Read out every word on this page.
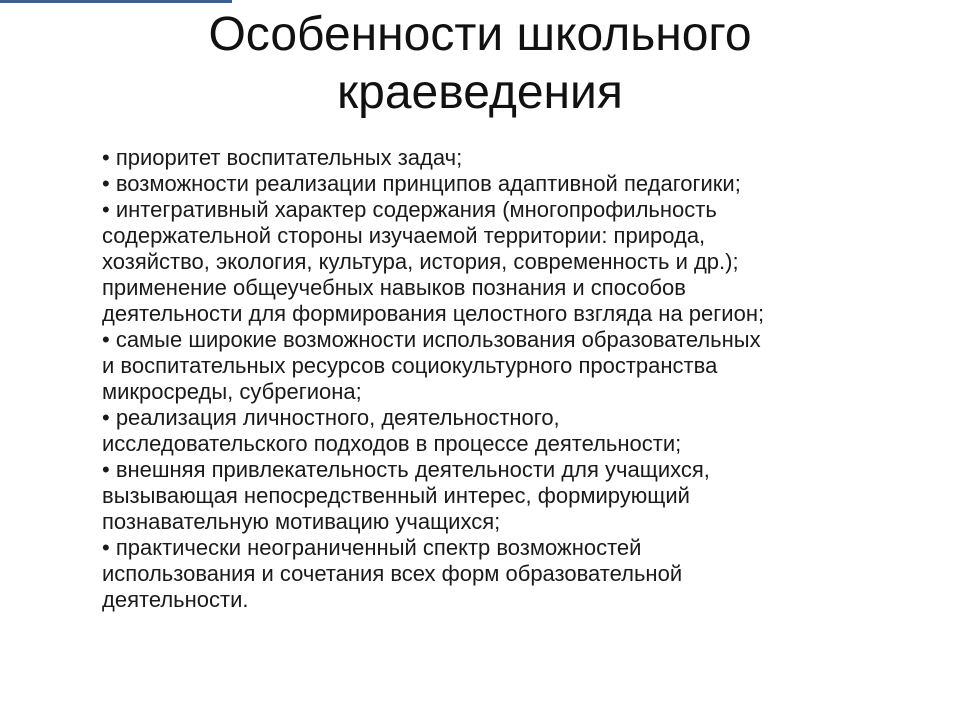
Особенности школьного
краеведения
• приоритет воспитательных задач;
• возможности реализации принципов адаптивной педагогики;
• интегративный характер содержания (многопрофильность
содержательной стороны изучаемой территории: природа,
хозяйство, экология, культура, история, современность и др.);
применение общеучебных навыков познания и способов
деятельности для формирования целостного взгляда на регион;
• самые широкие возможности использования образовательных
и воспитательных ресурсов социокультурного пространства
микросреды, субрегиона;
• реализация личностного, деятельностного,
исследовательского подходов в процессе деятельности;
• внешняя привлекательность деятельности для учащихся,
вызывающая непосредственный интерес, формирующий
познавательную мотивацию учащихся;
• практически неограниченный спектр возможностей
использования и сочетания всех форм образовательной
деятельности.
